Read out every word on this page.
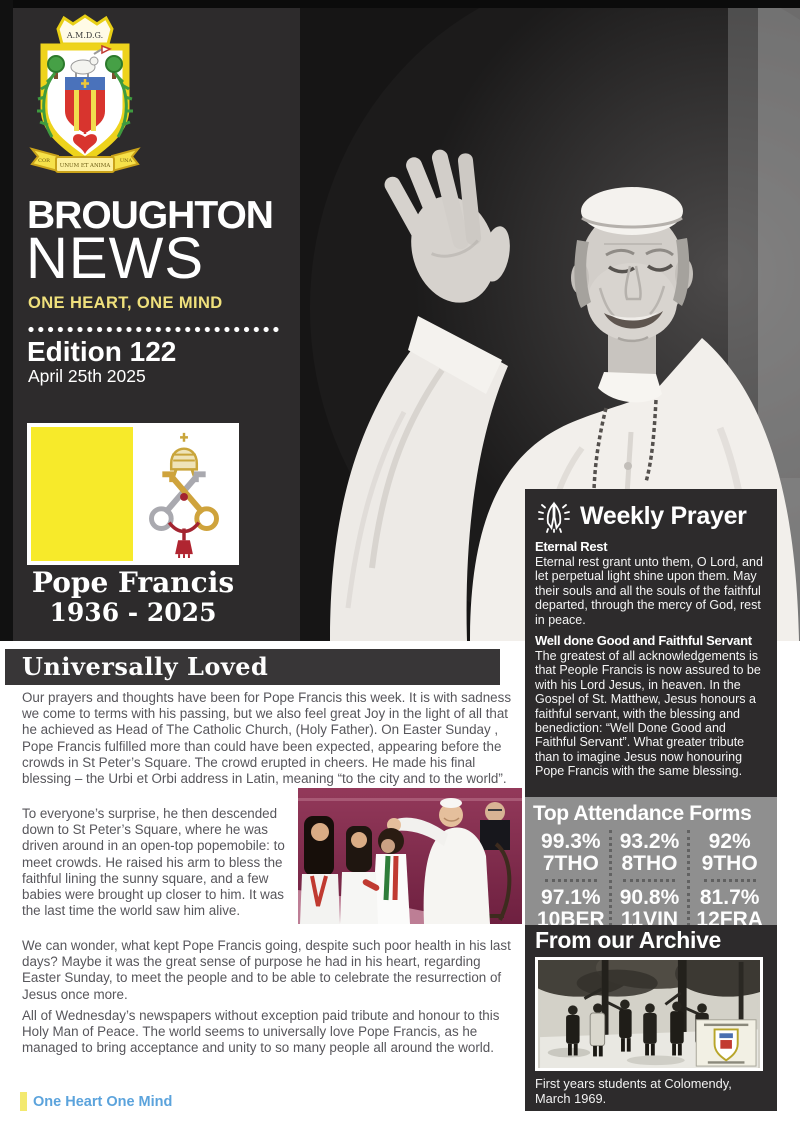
A.M.D.G.
COR
UNUM ET ANIMA
UNA
BROUGHTON
NEWS
ONE HEART, ONE MIND
Edition 122
April 25th 2025
Pope Francis
1936 - 2025
Universally Loved

Our prayers and thoughts have been for Pope Francis this week. It is with sadness we come to terms with his passing, but we also feel great Joy in the light of all that he achieved as Head of The Catholic Church, (Holy Father). On Easter Sunday , Pope Francis fulfilled more than could have been expected, appearing before the crowds in St Peter’s Square. The crowd erupted in cheers. He made his final blessing – the Urbi et Orbi address in Latin, meaning “to the city and to the world”.

To everyone’s surprise, he then descended down to St Peter’s Square, where he was driven around in an open-top popemobile: to meet crowds. He raised his arm to bless the faithful lining the sunny square, and a few babies were brought up closer to him. It was the last time the world saw him alive.

We can wonder, what kept Pope Francis going, despite such poor health in his last days? Maybe it was the great sense of purpose he had in his heart, regarding Easter Sunday, to meet the people and to be able to celebrate the resurrection of Jesus once more.

All of Wednesday’s newspapers without exception paid tribute and honour to this Holy Man of Peace. The world seems to universally love Pope Francis, as he managed to bring acceptance and unity to so many people all around the world.

Weekly Prayer
Eternal Rest

Eternal rest grant unto them, O Lord, and let perpetual light shine upon them. May their souls and all the souls of the faithful departed, through the mercy of God, rest in peace.

Well done Good and Faithful Servant

The greatest of all acknowledgements is that People Francis is now assured to be with his Lord Jesus, in heaven. In the Gospel of St. Matthew, Jesus honours a faithful servant, with the blessing and benediction: “Well Done Good and Faithful Servant”. What greater tribute than to imagine Jesus now honouring Pope Francis with the same blessing.

Top Attendance Forms
99.3%
7THO
93.2%
8THO
92%
9THO
97.1%
10BER
90.8%
11VIN
81.7%
12FRA
From our Archive

First years students at Colomendy, March 1969.

One Heart One Mind
